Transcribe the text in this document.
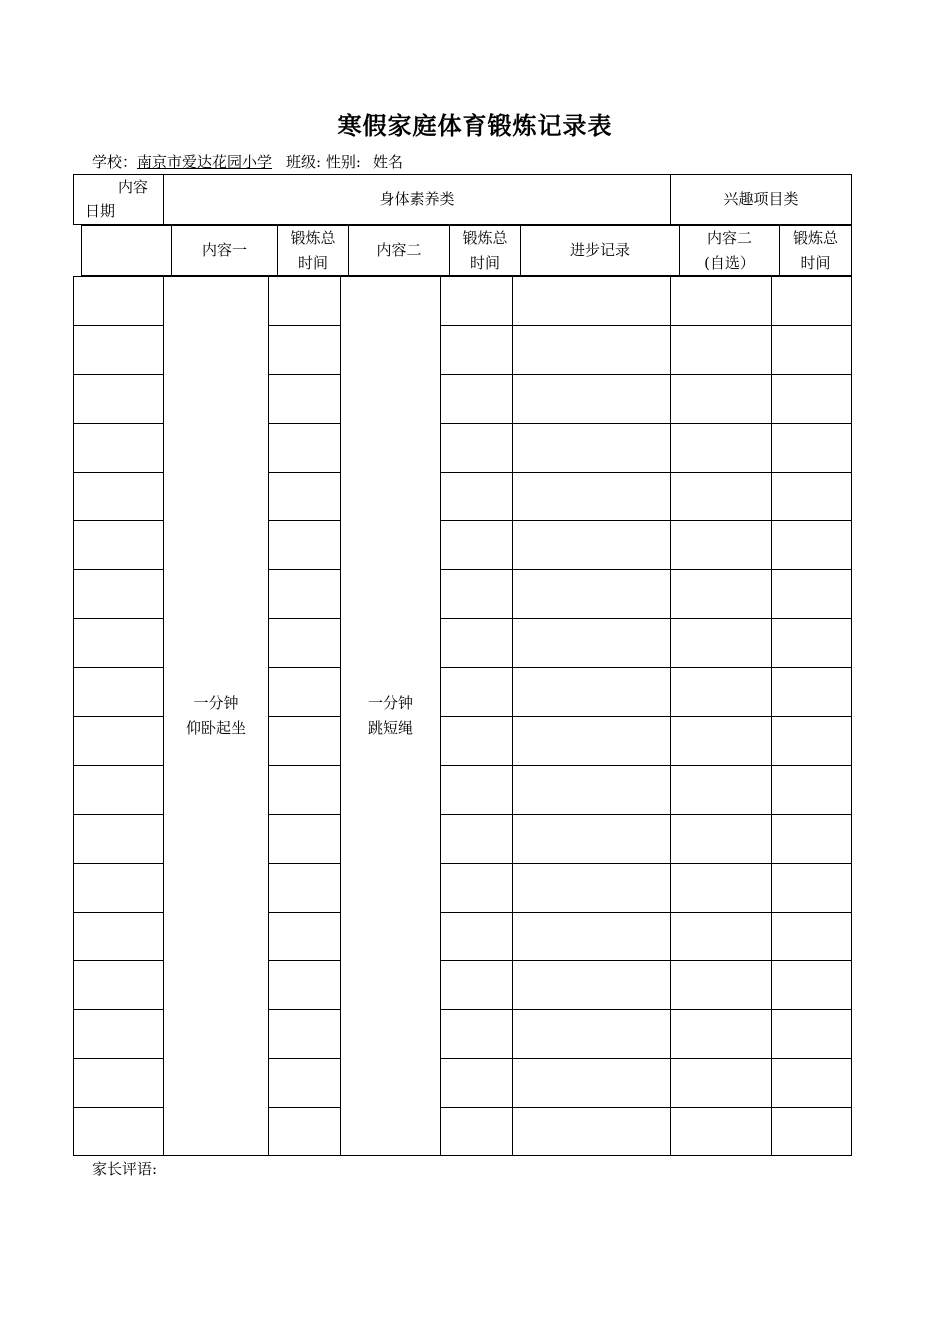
寒假家庭体育锻炼记录表
学校：南京市爱达花园小学 班级: 性别: 姓名
内容
日期
身体素养类	兴趣项目类
内容一
锻炼总
时间
内容二
锻炼总
时间
进步记录
内容二
(自选）
锻炼总
时间
一分钟
仰卧起坐
一分钟
跳短绳
家长评语:
